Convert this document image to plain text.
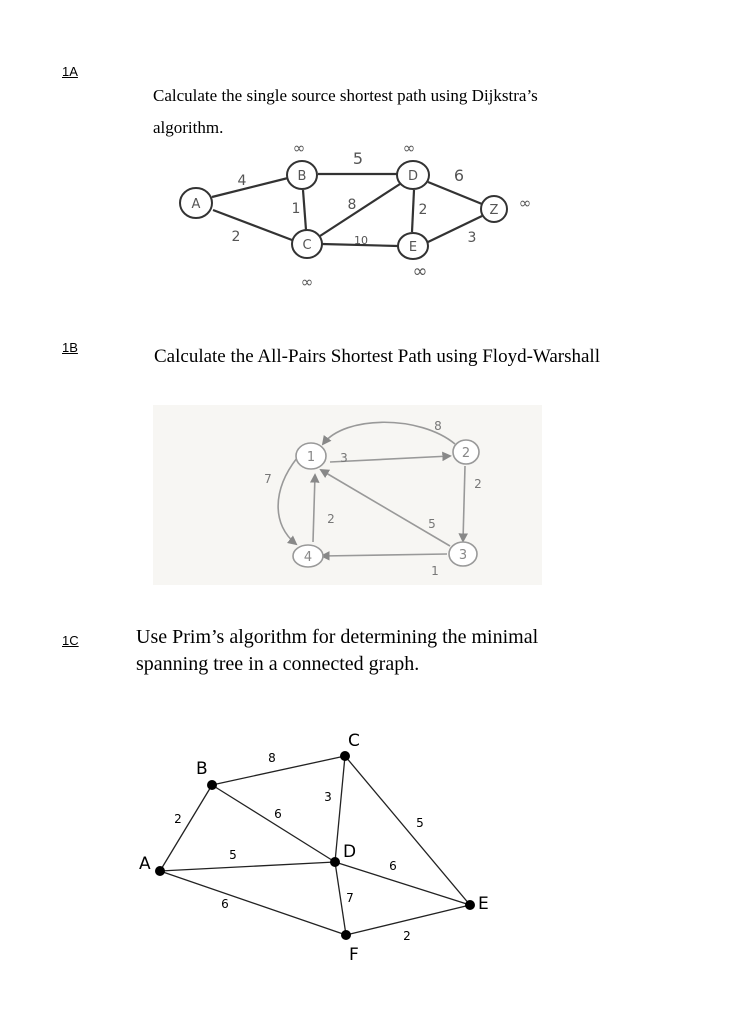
1A
Calculate the single source shortest path using Dijkstra’s
algorithm.
A
B
C
D
E
Z
4
2
1
5
8
10
2
6
3
∞
∞
∞
∞
∞
1B	Calculate the All-Pairs Shortest Path using Floyd-Warshall
1	2
3
4
8
3
2
5
7
2
1
1C	Use Prim’s algorithm for determining the minimal
spanning tree in a connected graph.
A
B
C
D
E
F
2
8
6
3
5
6
5
6
7
2
